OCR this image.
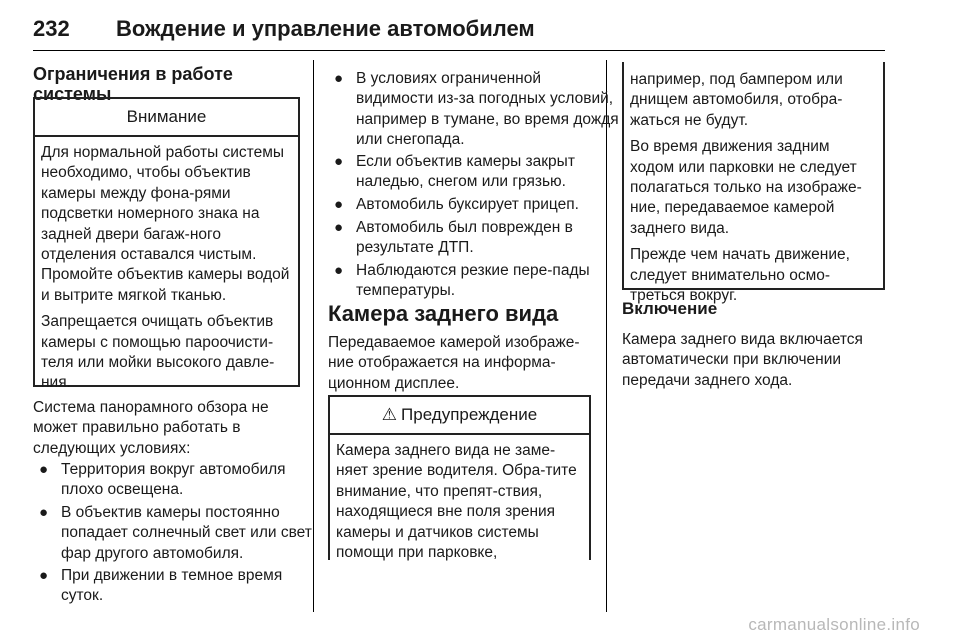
232 Вождение и управление автомобилем
Ограничения в работе системы
Внимание

Для нормальной работы системы необходимо, чтобы объектив камеры между фона-рями подсветки номерного знака на задней двери багаж-ного отделения оставался чистым. Промойте объектив камеры водой и вытрите мягкой тканью.

Запрещается очищать объектив камеры с помощью пароочисти-теля или мойки высокого давле-ния.

Система панорамного обзора не может правильно работать в следующих условиях:

● Территория вокруг автомобиля плохо освещена.
● В объектив камеры постоянно попадает солнечный свет или свет фар другого автомобиля.
● При движении в темное время суток.
● В условиях ограниченной видимости из-за погодных условий, например в тумане, во время дождя или снегопада.
● Если объектив камеры закрыт наледью, снегом или грязью.
● Автомобиль буксирует прицеп.
● Автомобиль был поврежден в результате ДТП.
● Наблюдаются резкие пере-пады температуры.
Камера заднего вида

Передаваемое камерой изображе-ние отображается на информа-ционном дисплее.

⚠ Предупреждение

Камера заднего вида не заме-няет зрение водителя. Обра-тите внимание, что препят-ствия, находящиеся вне поля зрения камеры и датчиков системы помощи при парковке,

например, под бампером или днищем автомобиля, отобра-жаться не будут.

Во время движения задним ходом или парковки не следует полагаться только на изображе-ние, передаваемое камерой заднего вида.

Прежде чем начать движение, следует внимательно осмо-треться вокруг.

Включение

Камера заднего вида включается автоматически при включении передачи заднего хода.

carmanualsonline.info
